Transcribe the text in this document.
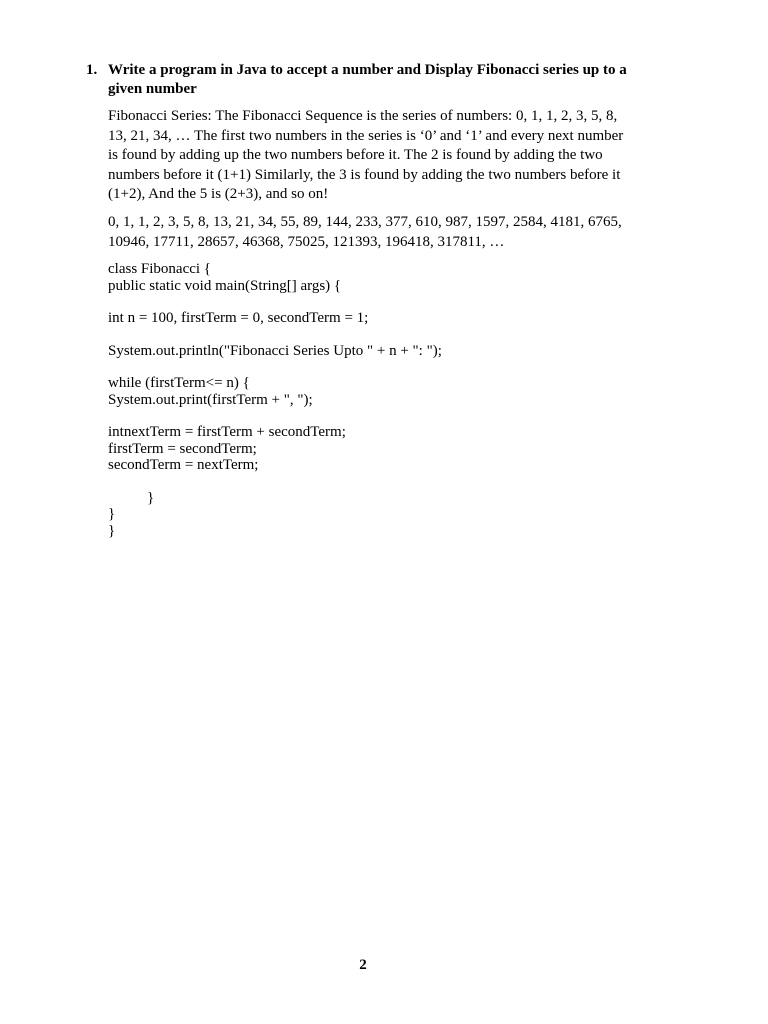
1. Write a program in Java to accept a number and Display Fibonacci series up to a given number
Fibonacci Series: The Fibonacci Sequence is the series of numbers: 0, 1, 1, 2, 3, 5, 8, 13, 21, 34, … The first two numbers in the series is ‘0’ and ‘1’ and every next number is found by adding up the two numbers before it. The 2 is found by adding the two numbers before it (1+1) Similarly, the 3 is found by adding the two numbers before it (1+2), And the 5 is (2+3), and so on!
0, 1, 1, 2, 3, 5, 8, 13, 21, 34, 55, 89, 144, 233, 377, 610, 987, 1597, 2584, 4181, 6765, 10946, 17711, 28657, 46368, 75025, 121393, 196418, 317811, …
class Fibonacci {
public static void main(String[] args) {
int n = 100, firstTerm = 0, secondTerm = 1;
System.out.println("Fibonacci Series Upto " + n + ": ");
while (firstTerm<= n) {
System.out.print(firstTerm + ", ");
intnextTerm = firstTerm + secondTerm;
firstTerm = secondTerm;
secondTerm = nextTerm;
}
}
}
2
